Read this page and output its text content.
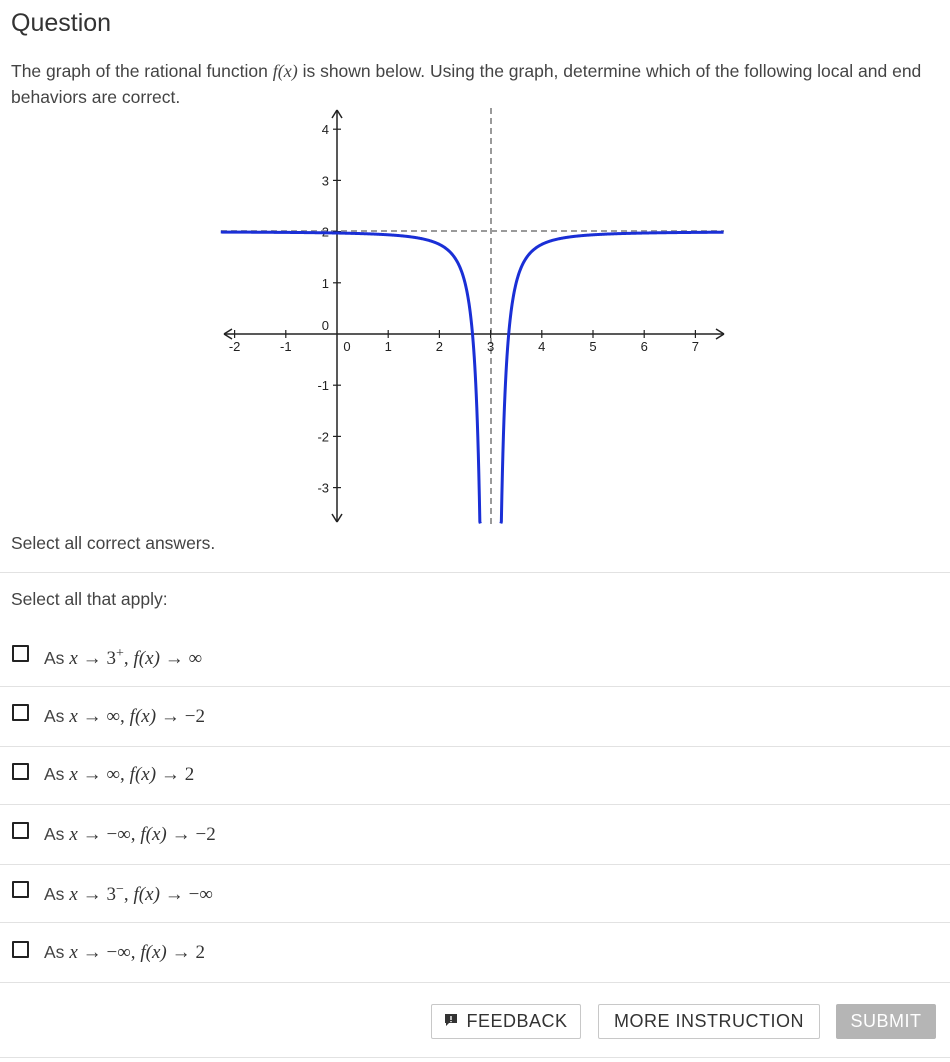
Question
The graph of the rational function f(x) is shown below. Using the graph, determine which of the following local and end behaviors are correct.
-2	-1	0	1	2	3	4	5	6	7
-3
-2
-1
0
1
2
3
4
Select all correct answers.
Select all that apply:
As x → 3+, f(x) → ∞
As x → ∞, f(x) → −2
As x → ∞, f(x) → 2
As x → −∞, f(x) → −2
As x → 3−, f(x) → −∞
As x → −∞, f(x) → 2
FEEDBACK	MORE INSTRUCTION	SUBMIT
